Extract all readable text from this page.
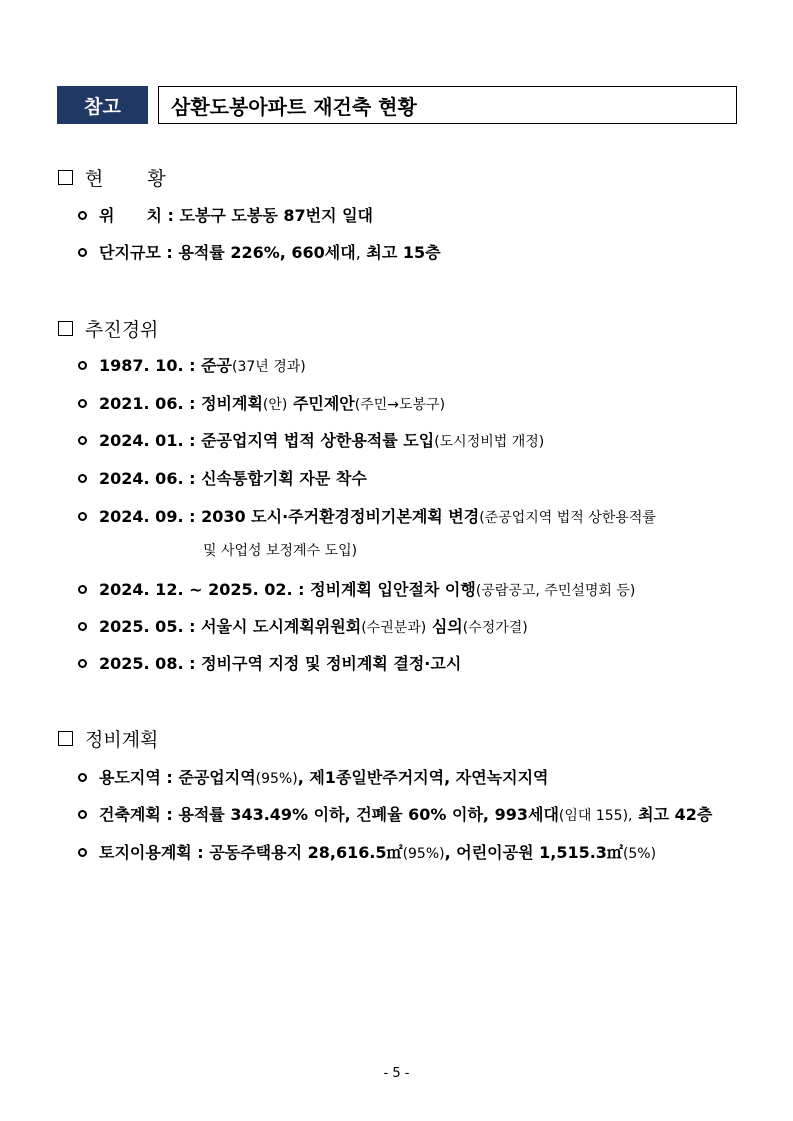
참고	삼환도봉아파트 재건축 현황
현 황
위　　치 :
도봉구 도봉동 87번지 일대
단지규모 :
용적률 226%, 660세대 ,
최고 15층
추진경위
1987. 10. :
준공 (37년 경과)
2021. 06. :
정비계획 (안)
주민제안 (주민→도봉구)
2024. 01. :
준공업지역 법적 상한용적률 도입 (도시정비법 개정)
2024. 06. :
신속통합기획 자문 착수
2024. 09. :
2030 도시·주거환경정비기본계획 변경 (준공업지역 법적 상한용적률
및 사업성 보정계수 도입)
2024. 12. ~ 2025. 02. :
정비계획 입안절차 이행 (공람공고, 주민설명회 등)
2025. 05. :
서울시 도시계획위원회 (수권분과)
심의 (수정가결)
2025. 08. :
정비구역 지정 및 정비계획 결정·고시
정비계획
용도지역 :
준공업지역 (95%) , 제1종일반주거지역, 자연녹지지역
건축계획 :
용적률 343.49% 이하, 건폐율 60% 이하, 993세대 (임대 155),
최고 42층
토지이용계획 :
공동주택용지 28,616.5㎡ (95%) , 어린이공원 1,515.3㎡ (5%)
- 5 -
